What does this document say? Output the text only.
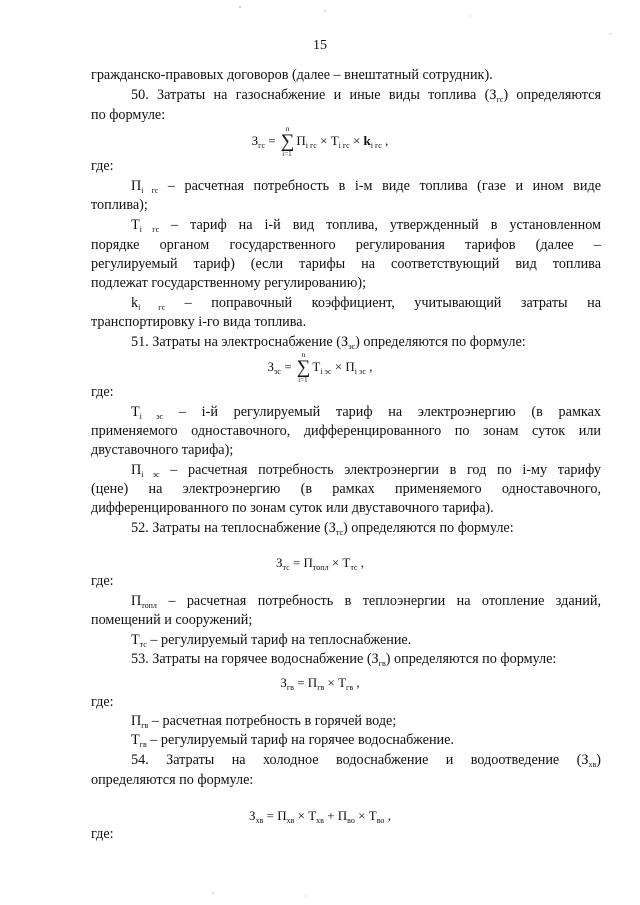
15

гражданско-правовых договоров (далее – внештатный сотрудник).

50. Затраты на газоснабжение и иные виды топлива $(З_{гс})$ определяются

по формуле:

$З_{гс}$ = ∑
n
i=1
$П_{i гс} \times Т_{i гс} \times k_{i гс}$ ,

где:

$П_{i гс}$ – расчетная потребность в i-м виде топлива (газе и ином виде

топлива);

$Т_{i гс}$ – тариф на i-й вид топлива, утвержденный в установленном

порядке органом государственного регулирования тарифов (далее –

регулируемый тариф) (если тарифы на соответствующий вид топлива

подлежат государственному регулированию);

$k_{i гс}$ – поправочный коэффициент, учитывающий затраты на

транспортировку i-го вида топлива.

51. Затраты на электроснабжение $(З_{эс})$ определяются по формуле:

$З_{эс}$ = ∑
n
i=1
$Т_{i эс} \times П_{i эс}$ ,

где:

$Т_{i эс} - i-й$ регулируемый тариф на электроэнергию (в рамках

применяемого одноставочного, дифференцированного по зонам суток или

двуставочного тарифа);

$П_{i эс}$ – расчетная потребность электроэнергии в год по i-му тарифу

(цене) на электроэнергию (в рамках применяемого одноставочного,

дифференцированного по зонам суток или двуставочного тарифа).

52. Затраты на теплоснабжение $(З_{тс})$ определяются по формуле:

$З_{тс} = П_{топл} \times Т_{тс}$ ,

где:

$П_{топл}$ – расчетная потребность в теплоэнергии на отопление зданий,

помещений и сооружений;

$Т_{тс}$ – регулируемый тариф на теплоснабжение.

53. Затраты на горячее водоснабжение $(З_{гв})$ определяются по формуле:

$З_{гв} = П_{гв} \times Т_{гв}$ ,

где:

$П_{гв}$ – расчетная потребность в горячей воде;

$Т_{гв}$ – регулируемый тариф на горячее водоснабжение.

54. Затраты на холодное водоснабжение и водоотведение $(З_{хв})$

определяются по формуле:

$З_{хв} = П_{хв} \times Т_{хв} + П_{во} \times Т_{во}$ ,

где:
